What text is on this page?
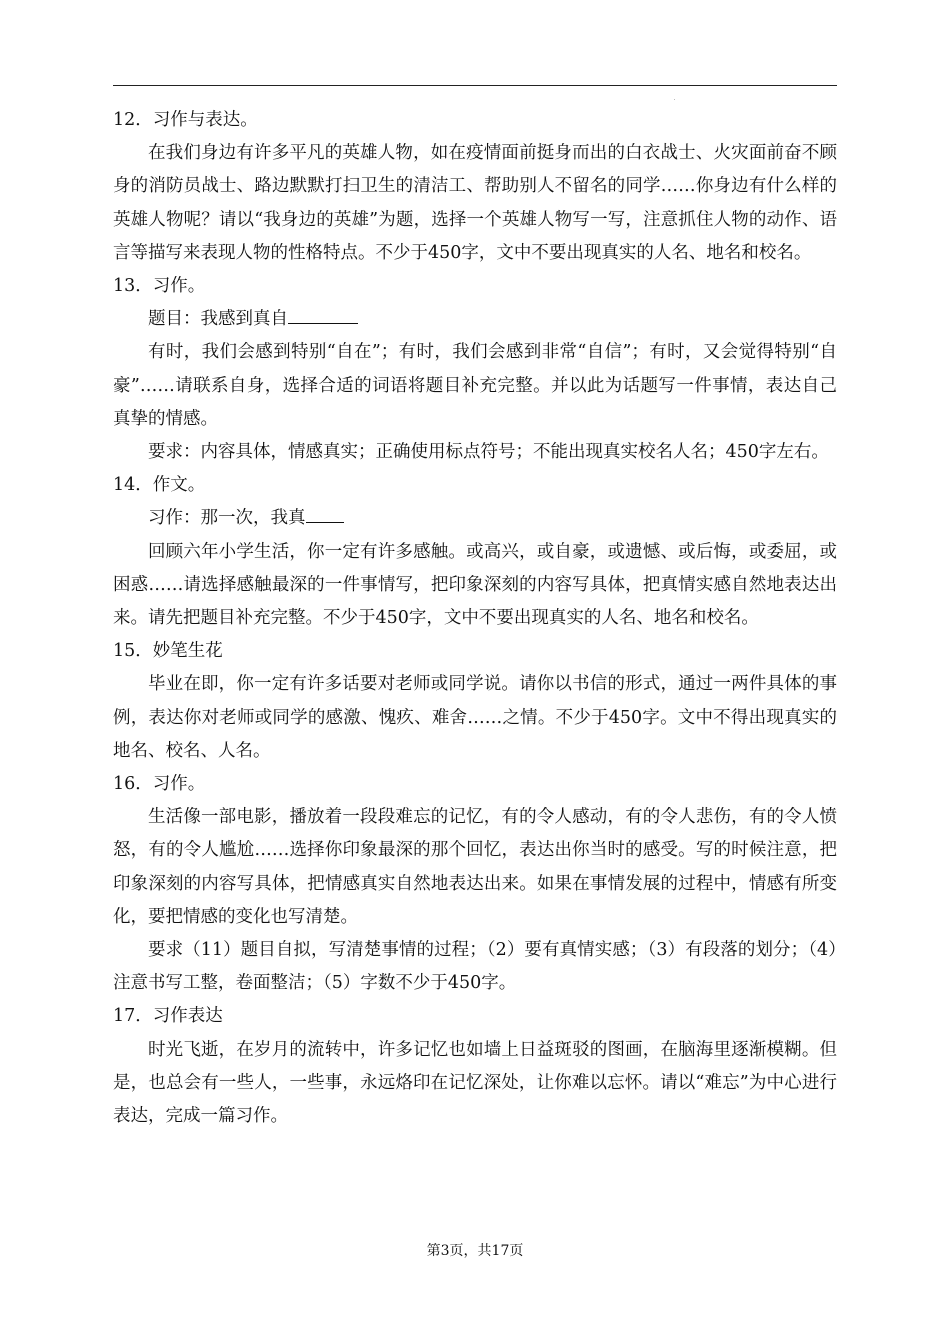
12．习作与表达。

在我们身边有许多平凡的英雄人物，如在疫情面前挺身而出的白衣战士、火灾面前奋不顾身的消防员战士、路边默默打扫卫生的清洁工、帮助别人不留名的同学……你身边有什么样的英雄人物呢？请以“我身边的英雄”为题，选择一个英雄人物写一写，注意抓住人物的动作、语言等描写来表现人物的性格特点。不少于450字，文中不要出现真实的人名、地名和校名。

13．习作。

题目：我感到真自

有时，我们会感到特别“自在”；有时，我们会感到非常“自信”；有时，又会觉得特别“自豪”……请联系自身，选择合适的词语将题目补充完整。并以此为话题写一件事情，表达自己真挚的情感。

要求：内容具体，情感真实；正确使用标点符号；不能出现真实校名人名；450字左右。

14．作文。

习作：那一次，我真

回顾六年小学生活，你一定有许多感触。或高兴，或自豪，或遗憾、或后悔，或委屈，或困惑……请选择感触最深的一件事情写，把印象深刻的内容写具体，把真情实感自然地表达出来。请先把题目补充完整。不少于450字，文中不要出现真实的人名、地名和校名。

15．妙笔生花

毕业在即，你一定有许多话要对老师或同学说。请你以书信的形式，通过一两件具体的事例，表达你对老师或同学的感激、愧疚、难舍……之情。不少于450字。文中不得出现真实的地名、校名、人名。

16．习作。

生活像一部电影，播放着一段段难忘的记忆，有的令人感动，有的令人悲伤，有的令人愤怒，有的令人尴尬……选择你印象最深的那个回忆，表达出你当时的感受。写的时候注意，把印象深刻的内容写具体，把情感真实自然地表达出来。如果在事情发展的过程中，情感有所变化，要把情感的变化也写清楚。

要求（11）题目自拟，写清楚事情的过程；（2）要有真情实感；（3）有段落的划分；（4）注意书写工整，卷面整洁；（5）字数不少于450字。

17．习作表达

时光飞逝，在岁月的流转中，许多记忆也如墙上日益斑驳的图画，在脑海里逐渐模糊。但是，也总会有一些人，一些事，永远烙印在记忆深处，让你难以忘怀。请以“难忘”为中心进行表达，完成一篇习作。

第3页，共17页
